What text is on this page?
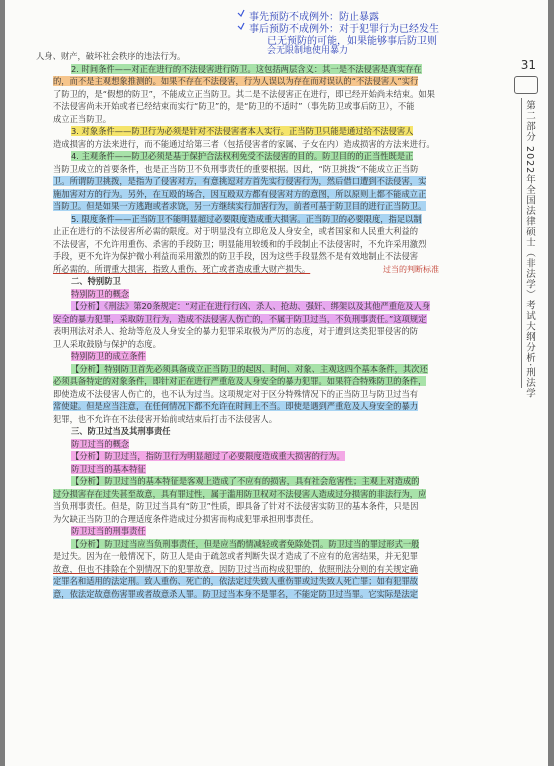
事先预防不成例外：防止暴露
事后预防不成例外：对于犯罪行为已经发生
已无预防的可能，如果能够事后防卫则
会无限制地使用暴力
人身、财产，破坏社会秩序的违法行为。
2. 时间条件——对正在进行的不法侵害进行防卫。这包括两层含义：其一是不法侵害是真实存在
的，而不是主观想象推测的。如果不存在不法侵害，行为人误以为存在而对误认的“不法侵害人”实行
了防卫的，是“假想的防卫”，不能成立正当防卫。其二是不法侵害正在进行，即已经开始尚未结束。如果
不法侵害尚未开始或者已经结束而实行“防卫”的，是“防卫的不适时”（事先防卫或事后防卫），不能
成立正当防卫。
3. 对象条件——防卫行为必须是针对不法侵害者本人实行。正当防卫只能是通过给不法侵害人
造成损害的方法来进行，而不能通过给第三者（包括侵害者的家属、子女在内）造成损害的方法来进行。
4. 主观条件——防卫必须是基于保护合法权利免受不法侵害的目的。防卫目的的正当性既是正
当防卫成立的首要条件，也是正当防卫不负刑事责任的重要根据。因此，“防卫挑拨”不能成立正当防
卫。所谓防卫挑拨，是指为了侵害对方，有意挑逗对方首先实行侵害行为，然后借口遭到不法侵害，实
施加害对方的行为。另外，在互殴的场合，因互殴双方都有侵害对方的意图，所以原则上都不能成立正
当防卫。但是如果一方逃跑或者求饶，另一方继续实行加害行为，前者可基于防卫目的进行正当防卫。
5. 限度条件——正当防卫不能明显超过必要限度造成重大损害。正当防卫的必要限度，指足以制
止正在进行的不法侵害所必需的限度。对于明显没有立即危及人身安全，或者国家和人民重大利益的
不法侵害，不允许用重伤、杀害的手段防卫；明显能用较缓和的手段制止不法侵害时，不允许采用激烈
手段，更不允许为保护微小利益而采用激烈的防卫手段，因为这些手段显然不是有效地制止不法侵害
所必需的。所谓重大损害，指致人重伤、死亡或者造成重大财产损失。
二、特别防卫
特别防卫的概念
【分析】《刑法》第20条规定：“对正在进行行凶、杀人、抢劫、强奸、绑架以及其他严重危及人身
安全的暴力犯罪，采取防卫行为，造成不法侵害人伤亡的，不属于防卫过当，不负刑事责任。”这项规定
表明刑法对杀人、抢劫等危及人身安全的暴力犯罪采取极为严厉的态度，对于遭到这类犯罪侵害的防
卫人采取鼓励与保护的态度。
特别防卫的成立条件
【分析】特别防卫首先必须具备成立正当防卫的起因、时间、对象、主观这四个基本条件，其次还
必须具备特定的对象条件，即针对正在进行严重危及人身安全的暴力犯罪。如果符合特殊防卫的条件，
即使造成不法侵害人伤亡的，也不认为过当。这项规定对于区分特殊情况下的正当防卫与防卫过当有
常使建。但是应当注意，在任何情况下都不允许在时间上不当。即使是遇到严重危及人身安全的暴力
犯罪，也不允许在不法侵害开始前或结束后打击不法侵害人。
三、防卫过当及其刑事责任
防卫过当的概念
【分析】防卫过当，指防卫行为明显超过了必要限度造成重大损害的行为。
防卫过当的基本特征
【分析】防卫过当的基本特征是客观上造成了不应有的损害，具有社会危害性；主观上对造成的
过分损害存在过失甚至故意，具有罪过性，属于滥用防卫权对不法侵害人造成过分损害的非法行为，应
当负刑事责任。但是，防卫过当具有“防卫”性质，即具备了针对不法侵害实防卫的基本条件，只是因
为欠缺正当防卫的合理适度条件造成过分损害而构成犯罪承担刑事责任。
防卫过当的刑事责任
【分析】防卫过当应当负刑事责任，但是应当酌情减轻或者免除处罚。防卫过当的罪过形式一般
是过失。因为在一般情况下，防卫人是由于疏忽或者判断失误才造成了不应有的危害结果，并无犯罪
故意，但也不排除在个别情况下的犯罪故意。因防卫过当而构成犯罪的，依照刑法分则的有关规定确
定罪名和适用的法定刑。致人重伤、死亡的，依法定过失致人重伤罪或过失致人死亡罪；如有犯罪故
意，依法定故意伤害罪或者故意杀人罪。防卫过当本身不是罪名，不能定防卫过当罪。它实际是法定
过当的判断标准
31
第二部分 2022年全国法律硕士（非法学）考试大纲分析·刑法学
